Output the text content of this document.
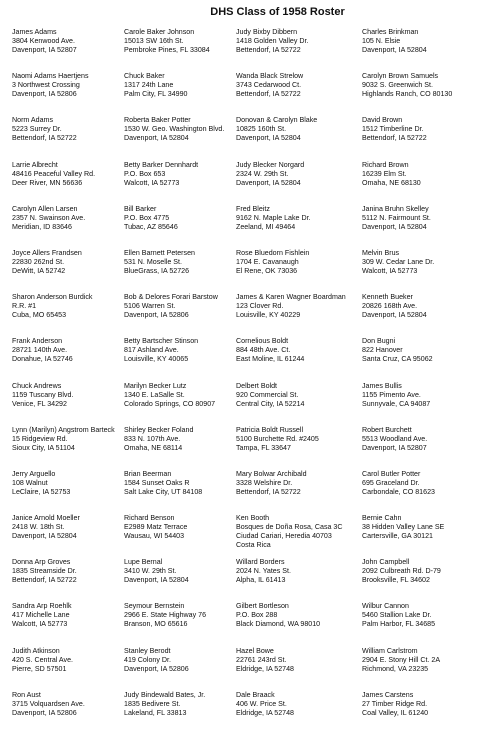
DHS Class of 1958 Roster
James Adams
3804 Kenwood Ave.
Davenport, IA 52807
Naomi Adams Haertjens
3 Northwest Crossing
Davenport, IA 52806
Norm Adams
5223 Surrey Dr.
Bettendorf, IA 52722
Larrie Albrecht
48416 Peaceful Valley Rd.
Deer River, MN 56636
Carolyn Allen Larsen
2357 N. Swainson Ave.
Meridian, ID 83646
Joyce Allers Frandsen
22830 262nd St.
DeWitt, IA 52742
Sharon Anderson Burdick
R.R. #1
Cuba, MO 65453
Frank Anderson
28721 140th Ave.
Donahue, IA 52746
Chuck Andrews
1159 Tuscany Blvd.
Venice, FL 34292
Lynn (Marilyn) Angstrom Barteck
15 Ridgeview Rd.
Sioux City, IA 51104
Jerry Arguello
108 Walnut
LeClaire, IA 52753
Janice Arnold Moeller
2418 W. 18th St.
Davenport, IA 52804
Donna Arp Groves
1835 Streamside Dr.
Bettendorf, IA 52722
Sandra Arp Roehlk
417 Michelle Lane
Walcott, IA 52773
Judith Atkinson
420 S. Central Ave.
Pierre, SD 57501
Ron Aust
3715 Volquardsen Ave.
Davenport, IA 52806
Carole Baker Johnson
15013 SW 16th St.
Pembroke Pines, FL 33084
Chuck Baker
1317 24th Lane
Palm City, FL 34990
Roberta Baker Potter
1530 W. Geo. Washington Blvd.
Davenport, IA 52804
Betty Barker Dennhardt
P.O. Box 653
Walcott, IA 52773
Bill Barker
P.O. Box 4775
Tubac, AZ 85646
Ellen Barnett Petersen
531 N. Moselle St.
BlueGrass, IA 52726
Bob & Delores Forari Barstow
5106 Warren St.
Davenport, IA 52806
Betty Bartscher Stinson
817 Ashland Ave.
Louisville, KY 40065
Marilyn Becker Lutz
1340 E. LaSalle St.
Colorado Springs, CO 80907
Shirley Becker Foland
833 N. 107th Ave.
Omaha, NE 68114
Brian Beerman
1584 Sunset Oaks R
Salt Lake City, UT 84108
Richard Benson
E2989 Matz Terrace
Wausau, WI 54403
Lupe Bernal
3410 W. 29th St.
Davenport, IA 52804
Seymour Bernstein
2966 E. State Highway 76
Branson, MO 65616
Stanley Berodt
419 Colony Dr.
Davenport, IA 52806
Judy Bindewald Bates, Jr.
1835 Bedivere St.
Lakeland, FL 33813
Judy Bixby Dibbern
1418 Golden Valley Dr.
Bettendorf, IA 52722
Wanda Black Strelow
3743 Cedarwood Ct.
Bettendorf, IA 52722
Donovan & Carolyn Blake
10825 160th St.
Davenport, IA 52804
Judy Blecker Norgard
2324 W. 29th St.
Davenport, IA 52804
Fred Bleitz
9162 N. Maple Lake Dr.
Zeeland, MI 49464
Rose Bluedorn Fishlein
1704 E. Cavanaugh
El Rene, OK 73036
James & Karen Wagner Boardman
123 Clover Rd.
Louisville, KY 40229
Cornelious Boldt
884 48th Ave. Ct.
East Moline, IL 61244
Delbert Boldt
920 Commercial St.
Central City, IA 52214
Patricia Boldt Russell
5100 Burchette Rd. #2405
Tampa, FL 33647
Mary Bolwar Archibald
3328 Welshire Dr.
Bettendorf, IA 52722
Ken Booth
Bosques de Doña Rosa, Casa 3C
Ciudad Cariari, Heredia 40703
Costa Rica
Willard Borders
2024 N. Yates St.
Alpha, IL 61413
Gilbert Bortleson
P.O. Box 288
Black Diamond, WA 98010
Hazel Bowe
22761 243rd St.
Eldridge, IA 52748
Dale Braack
406 W. Price St.
Eldridge, IA 52748
Charles Brinkman
105 N. Elsie
Davenport, IA 52804
Carolyn Brown Samuels
9032 S. Greenwich St.
Highlands Ranch, CO 80130
David Brown
1512 Timberline Dr.
Bettendorf, IA 52722
Richard Brown
16239 Elm St.
Omaha, NE 68130
Janina Bruhn Skelley
5112 N. Fairmount St.
Davenport, IA 52804
Melvin Brus
309 W. Cedar Lane Dr.
Walcott, IA 52773
Kenneth Bueker
20826 168th Ave.
Davenport, IA 52804
Don Bugni
822 Hanover
Santa Cruz, CA 95062
James Bullis
1155 Pimento Ave.
Sunnyvale, CA 94087
Robert Burchett
5513 Woodland Ave.
Davenport, IA 52807
Carol Butler Potter
695 Graceland Dr.
Carbondale, CO 81623
Bernie Cahn
38 Hidden Valley Lane SE
Cartersville, GA 30121
John Campbell
2092 Culbreath Rd. D-79
Brooksville, FL 34602
Wilbur Cannon
5460 Stallion Lake Dr.
Palm Harbor, FL 34685
William Carlstrom
2904 E. Stony Hill Ct. 2A
Richmond, VA 23235
James Carstens
27 Timber Ridge Rd.
Coal Valley, IL 61240
